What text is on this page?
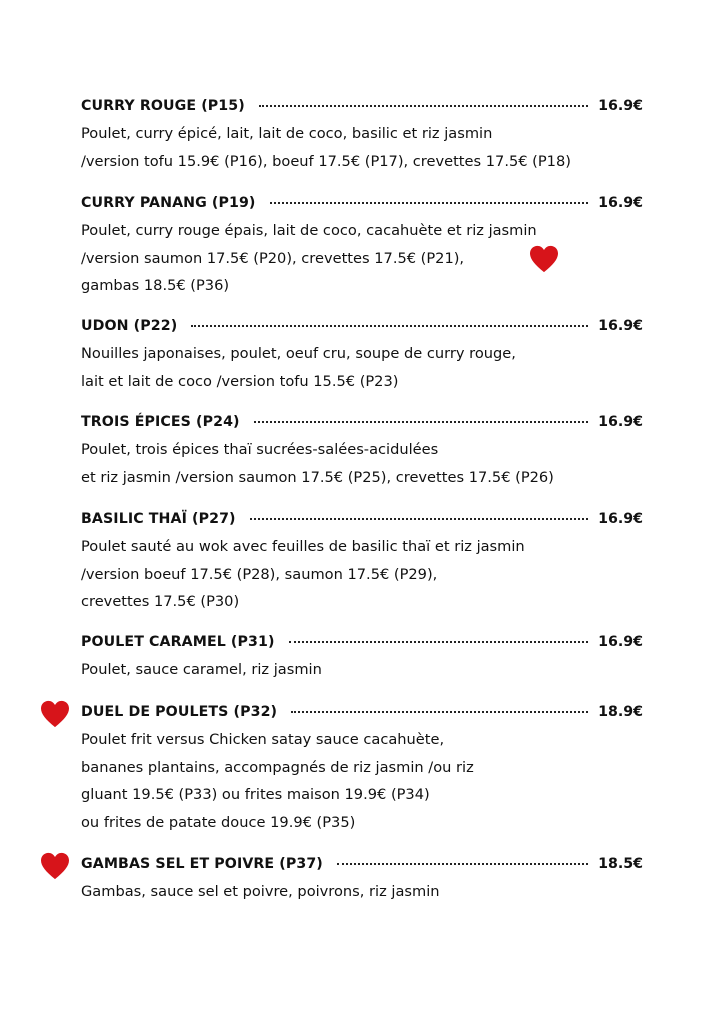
CURRY ROUGE (P15)	16.9€
Poulet, curry épicé, lait, lait de coco, basilic et riz jasmin
/version tofu 15.9€ (P16), boeuf 17.5€ (P17), crevettes 17.5€ (P18)
CURRY PANANG (P19)	16.9€
Poulet, curry rouge épais, lait de coco, cacahuète et riz jasmin
/version saumon 17.5€ (P20), crevettes 17.5€ (P21),
gambas 18.5€ (P36)
UDON (P22)	16.9€
Nouilles japonaises, poulet, oeuf cru, soupe de curry rouge,
lait et lait de coco /version tofu 15.5€ (P23)
TROIS ÉPICES (P24)	16.9€
Poulet, trois épices thaï sucrées-salées-acidulées
et riz jasmin /version saumon 17.5€ (P25), crevettes 17.5€ (P26)
BASILIC THAÏ (P27)	16.9€
Poulet sauté au wok avec feuilles de basilic thaï et riz jasmin
/version boeuf 17.5€ (P28), saumon 17.5€ (P29),
crevettes 17.5€ (P30)
POULET CARAMEL (P31)	16.9€
Poulet, sauce caramel, riz jasmin
DUEL DE POULETS (P32)	18.9€
Poulet frit versus Chicken satay sauce cacahuète,
bananes plantains, accompagnés de riz jasmin /ou riz
gluant 19.5€ (P33) ou frites maison 19.9€ (P34)
ou frites de patate douce 19.9€ (P35)
GAMBAS SEL ET POIVRE (P37)	18.5€
Gambas, sauce sel et poivre, poivrons, riz jasmin
